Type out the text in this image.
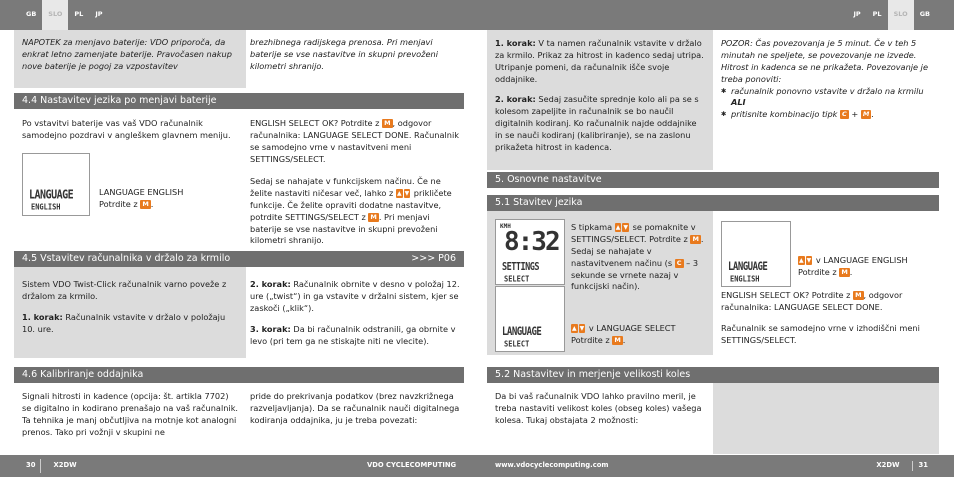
GB	SLO	PL	JP	JP	PL	SLO	GB
NAPOTEK za menjavo baterije: VDO priporoča, da enkrat letno zamenjate baterije. Pravočasen nakup nove baterije je pogoj za vzpostavitev
brezhibnega radijskega prenosa. Pri menjavi baterije se vse nastavitve in skupni prevoženi kilometri shranijo.
4.4 Nastavitev jezika po menjavi baterije
Po vstavitvi baterije vas vaš VDO računalnik samodejno pozdravi v angleškem glavnem meniju.
LANGUAGE
ENGLISH
LANGUAGE ENGLISH
Potrdite z M .
ENGLISH SELECT OK? Potrdite z M , odgovor računalnika: LANGUAGE SELECT DONE. Računalnik se samodejno vrne v nastavitveni meni SETTINGS/SELECT.
Sedaj se nahajate v funkcijskem načinu. Če ne želite nastaviti ničesar več, lahko z ▲ ▼ prikličete funkcije. Če želite opraviti dodatne nastavitve, potrdite SETTINGS/SELECT z M . Pri menjavi baterije se vse nastavitve in skupni prevoženi kilometri shranijo.
4.5 Vstavitev računalnika v držalo za krmilo	>>> P06
Sistem VDO Twist-Click računalnik varno poveže z držalom za krmilo.
1. korak: Računalnik vstavite v držalo v položaju 10. ure.
2. korak: Računalnik obrnite v desno v položaj 12. ure („twist“) in ga vstavite v držalni sistem, kjer se zaskoči („klik“).
3. korak: Da bi računalnik odstranili, ga obrnite v levo (pri tem ga ne stiskajte niti ne vlecite).
4.6 Kalibriranje oddajnika
Signali hitrosti in kadence (opcija: št. artikla 7702) se digitalno in kodirano prenašajo na vaš računalnik. Ta tehnika je manj občutljiva na motnje kot analogni prenos. Tako pri vožnji v skupini ne
pride do prekrivanja podatkov (brez navzkrižnega razveljavljanja). Da se računalnik nauči digitalnega kodiranja oddajnika, ju je treba povezati:
1. korak: V ta namen računalnik vstavite v držalo za krmilo. Prikaz za hitrost in kadenco sedaj utripa. Utripanje pomeni, da računalnik išče svoje oddajnike.
2. korak: Sedaj zasučite sprednje kolo ali pa se s kolesom zapeljite in računalnik se bo naučil digitalnih kodiranj. Ko računalnik najde oddajnike in se nauči kodiranj (kalibriranje), se na zaslonu prikažeta hitrost in kadenca.
POZOR: Čas povezovanja je 5 minut. Če v teh 5 minutah ne speljete, se povezovanje ne izvede. Hitrost in kadenca se ne prikažeta. Povezovanje je treba ponoviti:
✱ računalnik ponovno vstavite v držalo na krmilu ALI
✱ pritisnite kombinacijo tipk C + M .
5. Osnovne nastavitve
5.1 Stavitev jezika
KMH
8:32
SETTINGS
SELECT
LANGUAGE
SELECT
S tipkama ▲ ▼ se pomaknite v SETTINGS/SELECT. Potrdite z M . Sedaj se nahajate v nastavitvenem načinu (s C – 3 sekunde se vrnete nazaj v funkcijski način).
▲ ▼ v LANGUAGE SELECT
Potrdite z M .
LANGUAGE
ENGLISH
▲ ▼ v LANGUAGE ENGLISH
Potrdite z M .
ENGLISH SELECT OK? Potrdite z M , odgovor računalnika: LANGUAGE SELECT DONE.
Računalnik se samodejno vrne v izhodiščni meni SETTINGS/SELECT.
5.2 Nastavitev in merjenje velikosti koles
Da bi vaš računalnik VDO lahko pravilno meril, je treba nastaviti velikost koles (obseg koles) vašega kolesa. Tukaj obstajata 2 možnosti:
30	X2DW	VDO CYCLECOMPUTING	www.vdocyclecomputing.com	X2DW	31
